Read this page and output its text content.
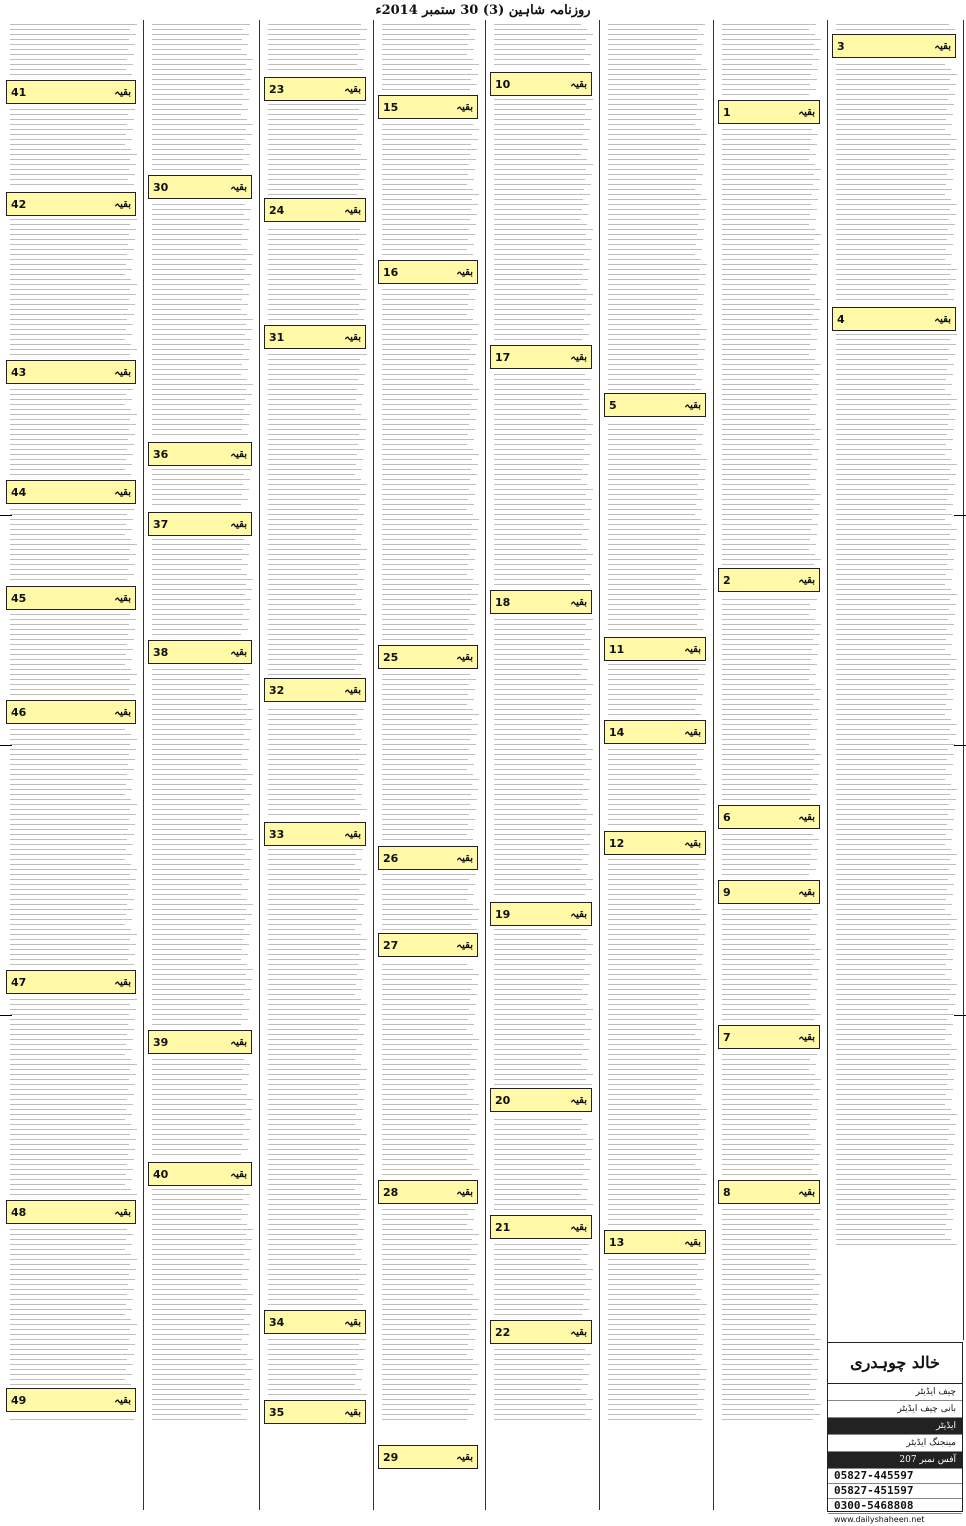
روزنامہ شاہین (3) 30 ستمبر 2014ء
41	بقیہ
42	بقیہ
43	بقیہ
44	بقیہ
45	بقیہ
46	بقیہ
47	بقیہ
48	بقیہ
49	بقیہ
30	بقیہ
36	بقیہ
37	بقیہ
38	بقیہ
39	بقیہ
40	بقیہ
23	بقیہ
24	بقیہ
31	بقیہ
32	بقیہ
33	بقیہ
34	بقیہ
35	بقیہ
15	بقیہ
16	بقیہ
25	بقیہ
26	بقیہ
27	بقیہ
28	بقیہ
29	بقیہ
10	بقیہ
17	بقیہ
18	بقیہ
19	بقیہ
20	بقیہ
21	بقیہ
22	بقیہ
5	بقیہ
11	بقیہ
12	بقیہ
13	بقیہ
14	بقیہ
1	بقیہ
2	بقیہ
6	بقیہ
7	بقیہ
8	بقیہ
9	بقیہ
3	بقیہ
4	بقیہ
خالد چوہدری
چیف ایڈیٹر
بانی چیف ایڈیٹر
ایڈیٹر
مینجنگ ایڈیٹر
آفس نمبر 207
05827-445597
05827-451597
0300-5468808
www.dailyshaheen.net
